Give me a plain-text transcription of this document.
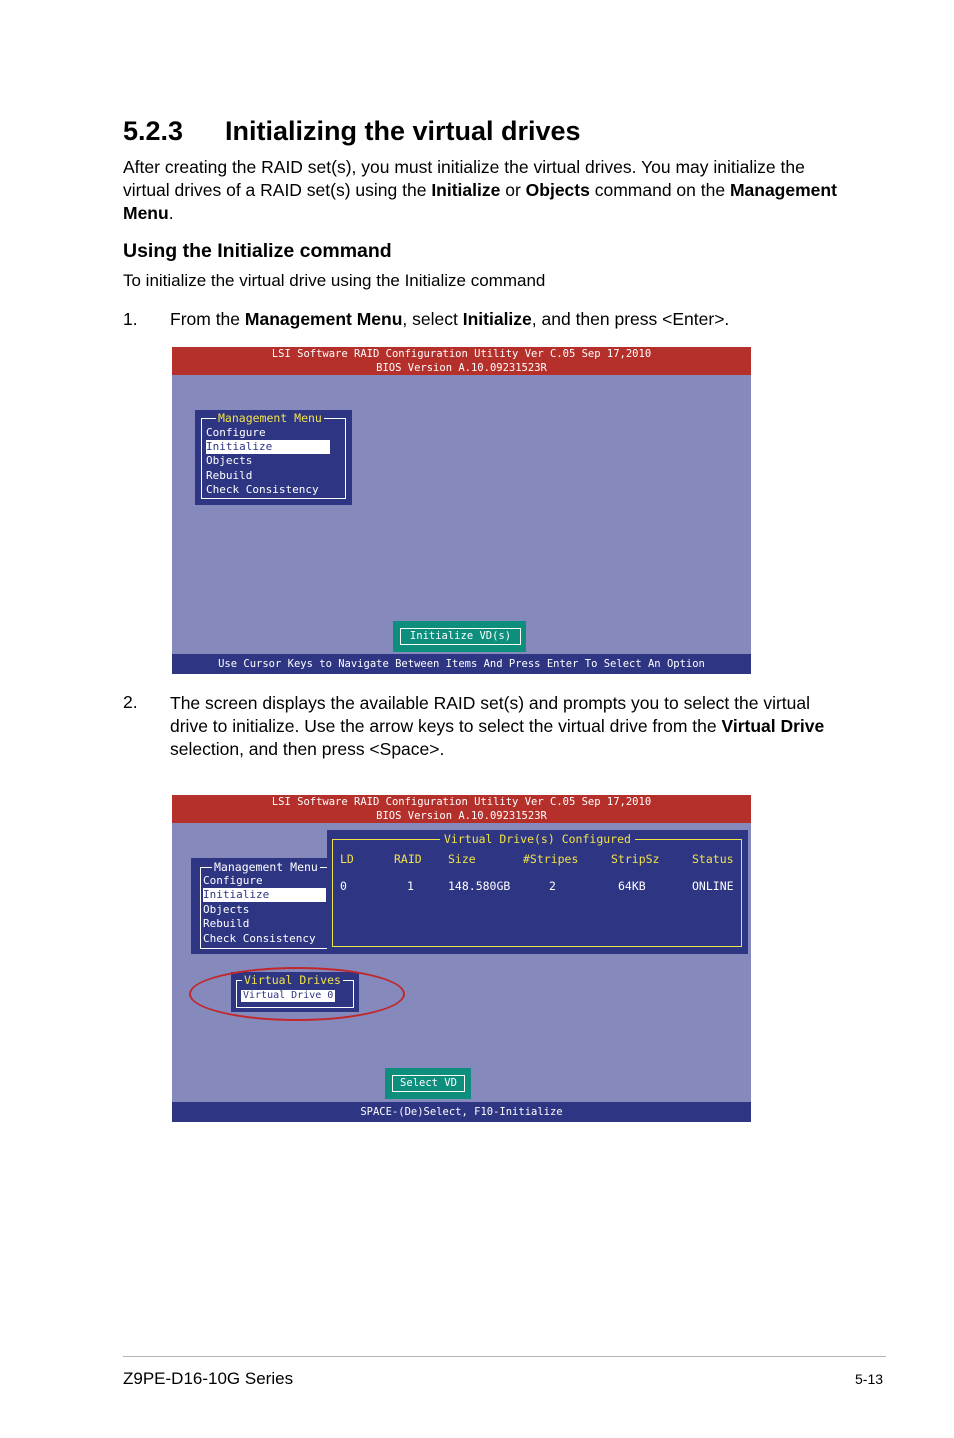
5.2.3 Initializing the virtual drives
After creating the RAID set(s), you must initialize the virtual drives. You may initialize the virtual drives of a RAID set(s) using the Initialize or Objects command on the Management Menu.
Using the Initialize command
To initialize the virtual drive using the Initialize command
1. From the Management Menu, select Initialize, and then press <Enter>.
LSI Software RAID Configuration Utility Ver C.05 Sep 17,2010
BIOS Version A.10.09231523R
Management Menu
Configure
Initialize
Objects
Rebuild
Check Consistency
Initialize VD(s)
Use Cursor Keys to Navigate Between Items And Press Enter To Select An Option
2. The screen displays the available RAID set(s) and prompts you to select the virtual drive to initialize. Use the arrow keys to select the virtual drive from the Virtual Drive selection, and then press <Space>.
LSI Software RAID Configuration Utility Ver C.05 Sep 17,2010
BIOS Version A.10.09231523R
Management Menu
Configure
Initialize
Objects
Rebuild
Check Consistency
Virtual Drive(s) Configured
LD	RAID Size	#Stripes	StripSz	Status
0	1	148.580GB	2	64KB	ONLINE
Virtual Drives
Virtual Drive 0
Select VD
SPACE-(De)Select, F10-Initialize
Z9PE-D16-10G Series	5-13
